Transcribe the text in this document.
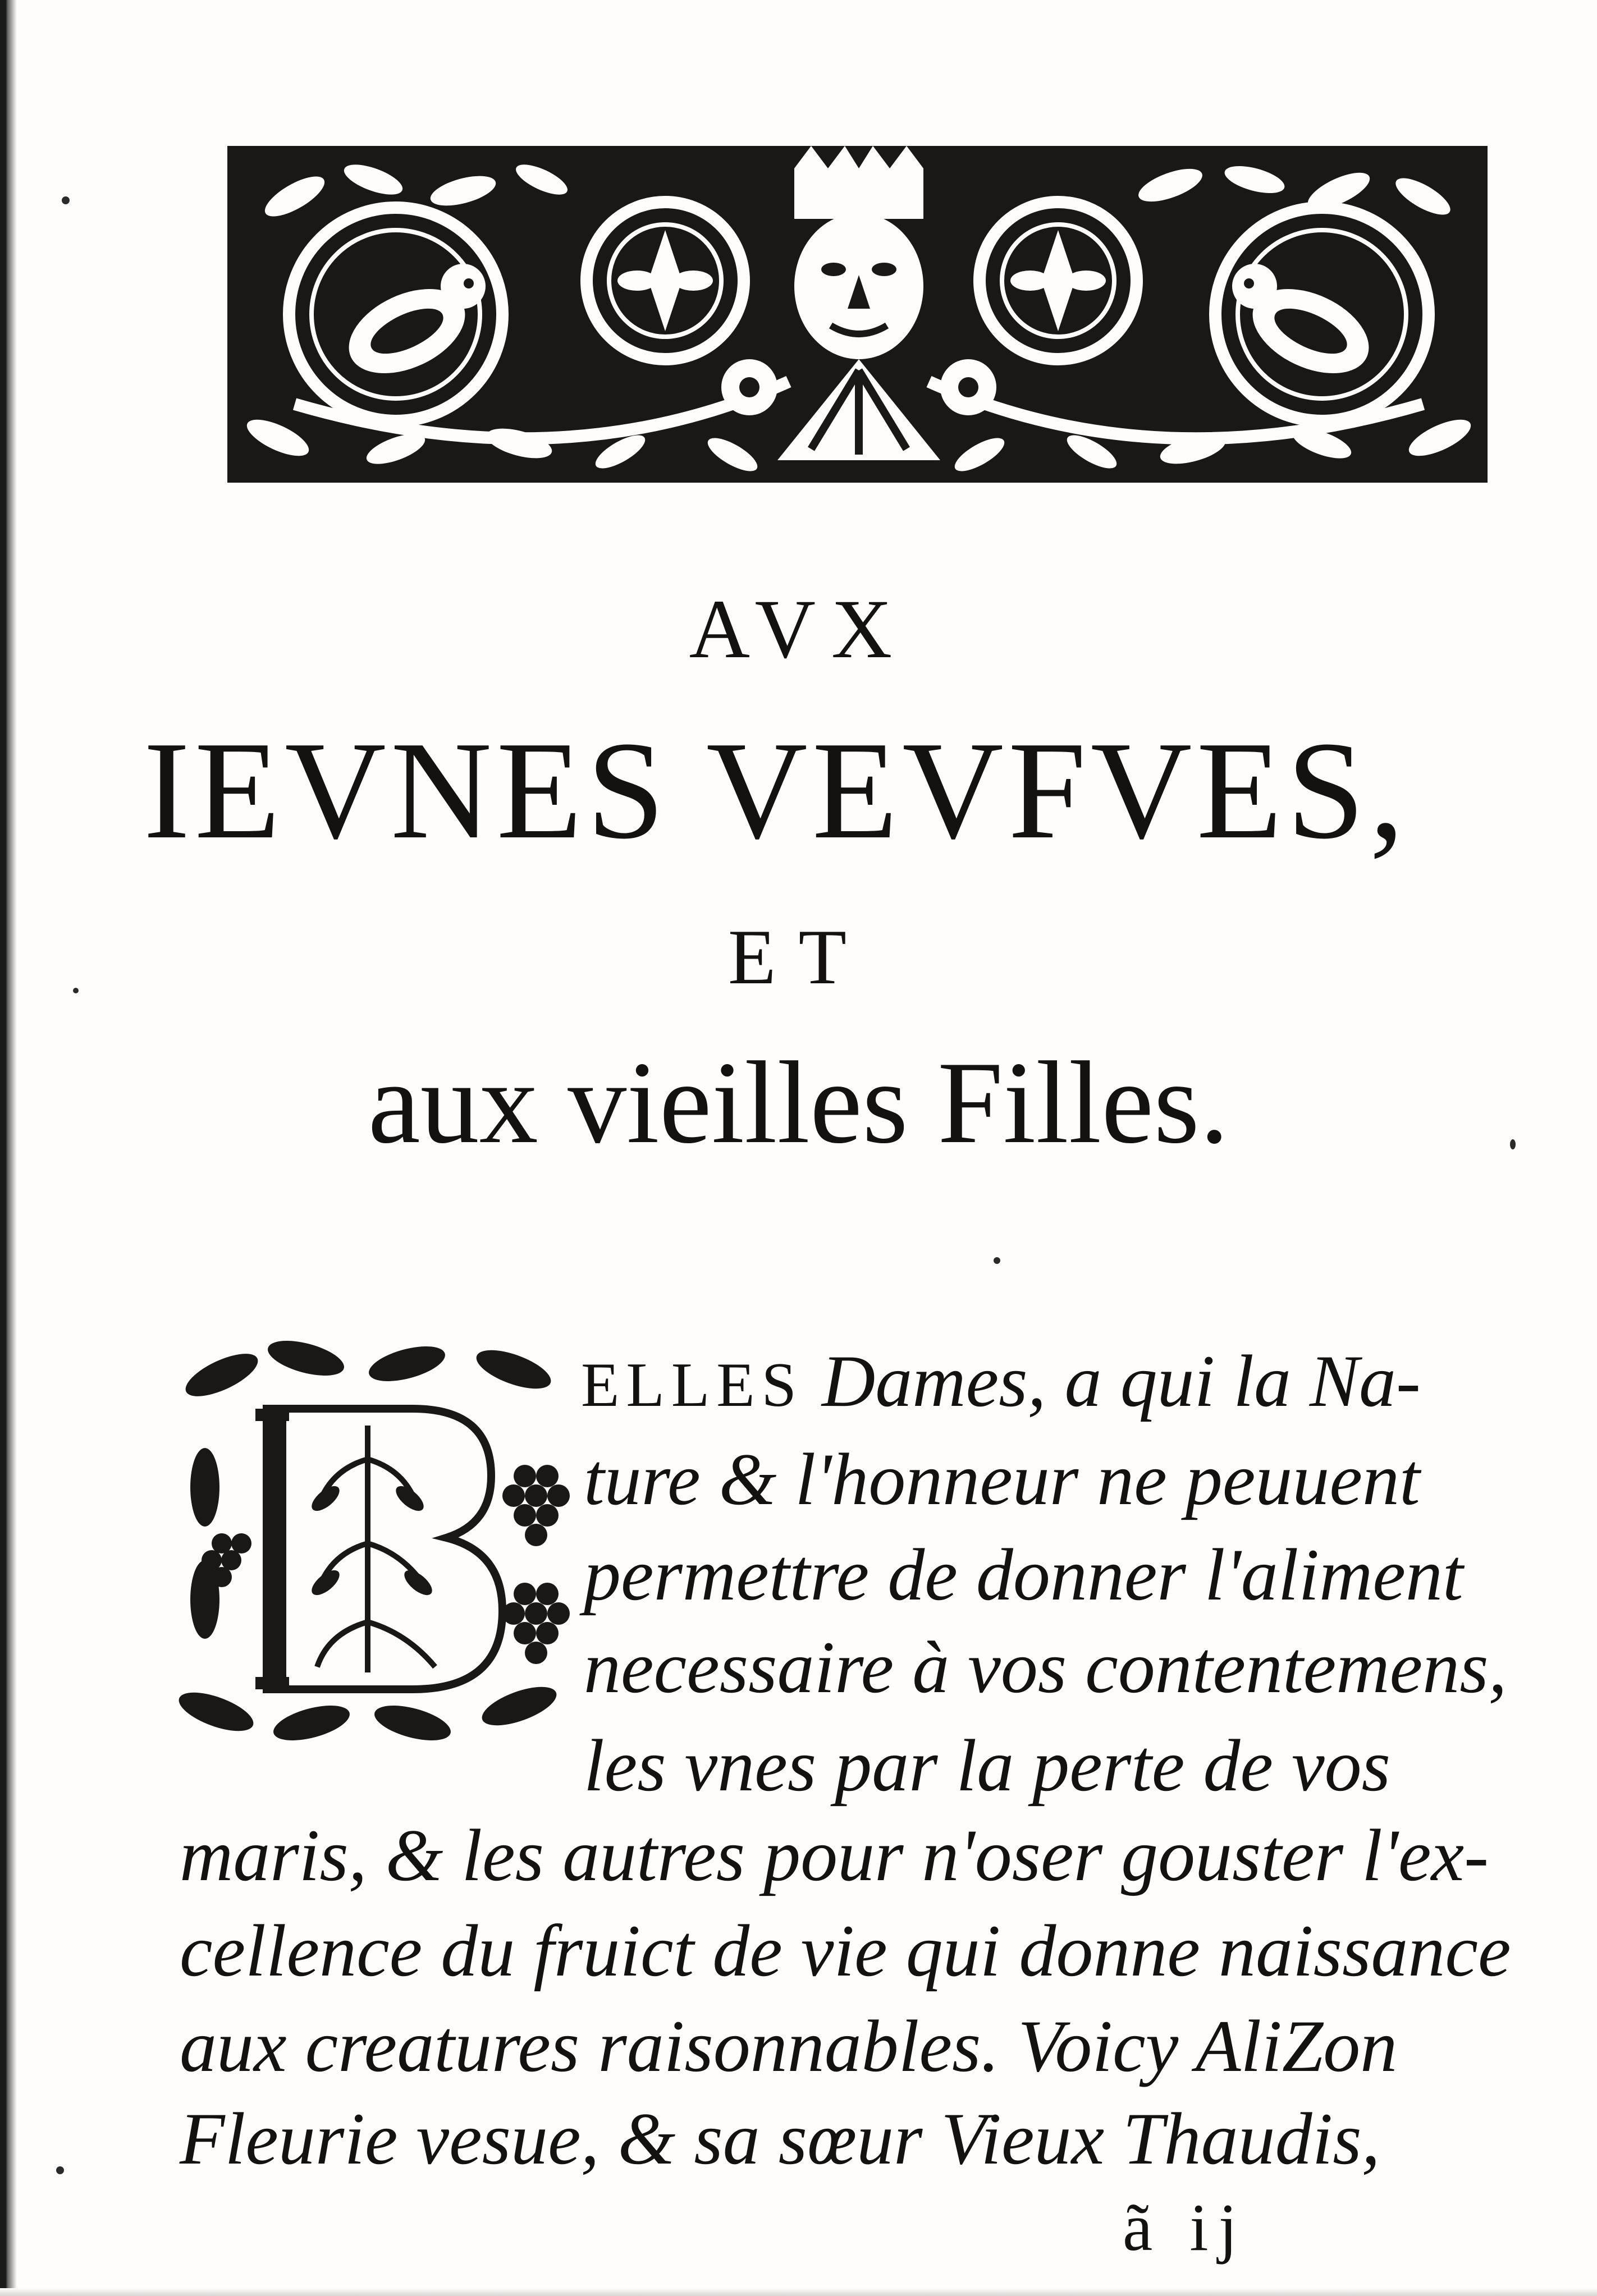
AVX
IEVNES VEVFVES,
ET
aux vieilles Filles.
ELLES Dames, a qui la Na-
ture & l'honneur ne peuuent
permettre de donner l'aliment
necessaire à vos contentemens,
les vnes par la perte de vos
maris, & les autres pour n'oser gouster l'ex-
cellence du fruict de vie qui donne naissance
aux creatures raisonnables. Voicy AliZon
Fleurie vesue, & sa sœur Vieux Thaudis,
ã ij
